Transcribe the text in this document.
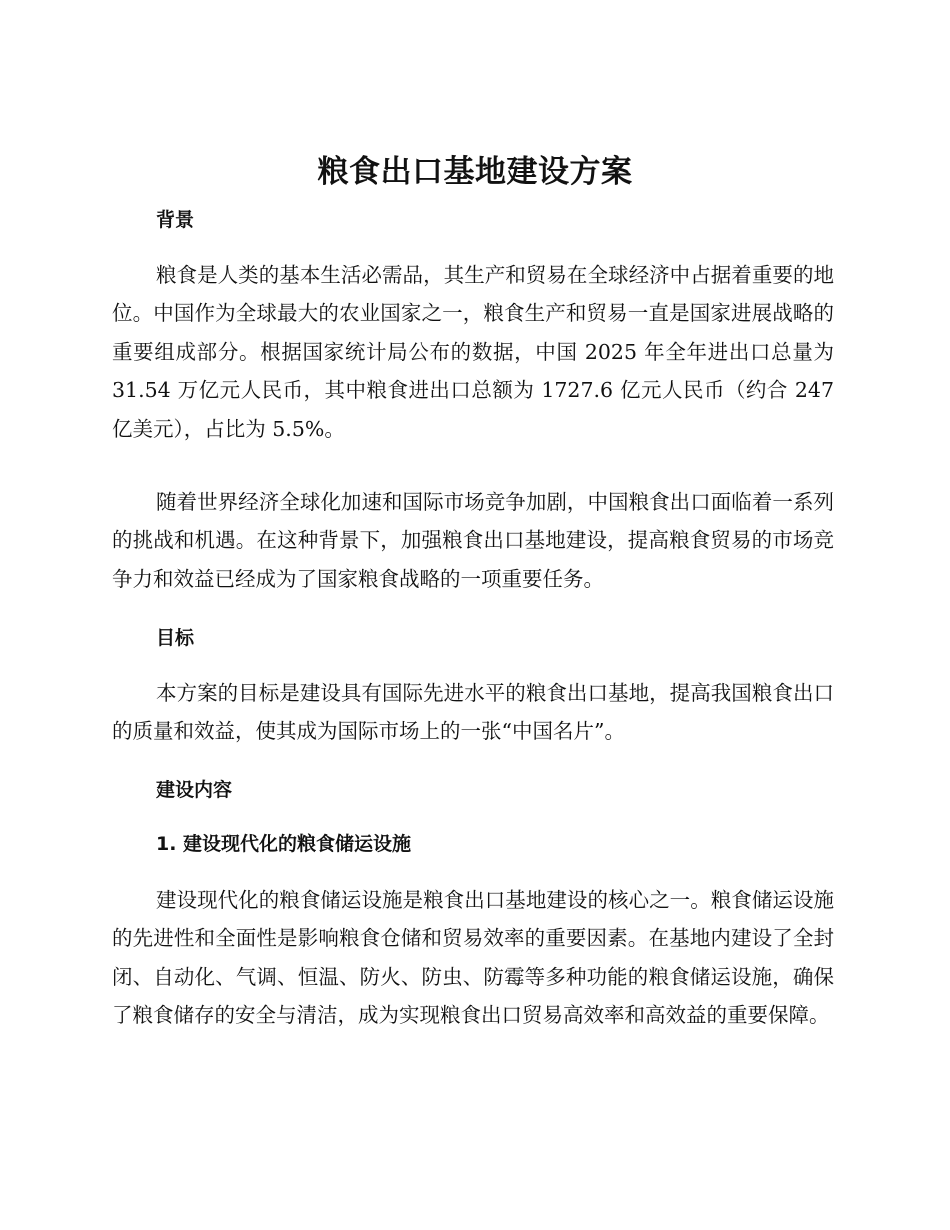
粮食出口基地建设方案
背景

粮食是人类的基本生活必需品，其生产和贸易在全球经济中占据着重要的地位。中国作为全球最大的农业国家之一，粮食生产和贸易一直是国家进展战略的重要组成部分。根据国家统计局公布的数据，中国 2025 年全年进出口总量为 31.54 万亿元人民币，其中粮食进出口总额为 1727.6 亿元人民币（约合 247 亿美元），占比为 5.5%。

随着世界经济全球化加速和国际市场竞争加剧，中国粮食出口面临着一系列的挑战和机遇。在这种背景下，加强粮食出口基地建设，提高粮食贸易的市场竞争力和效益已经成为了国家粮食战略的一项重要任务。

目标

本方案的目标是建设具有国际先进水平的粮食出口基地，提高我国粮食出口的质量和效益，使其成为国际市场上的一张“中国名片”。

建设内容
1. 建设现代化的粮食储运设施

建设现代化的粮食储运设施是粮食出口基地建设的核心之一。粮食储运设施的先进性和全面性是影响粮食仓储和贸易效率的重要因素。在基地内建设了全封闭、自动化、气调、恒温、防火、防虫、防霉等多种功能的粮食储运设施，确保了粮食储存的安全与清洁，成为实现粮食出口贸易高效率和高效益的重要保障。
